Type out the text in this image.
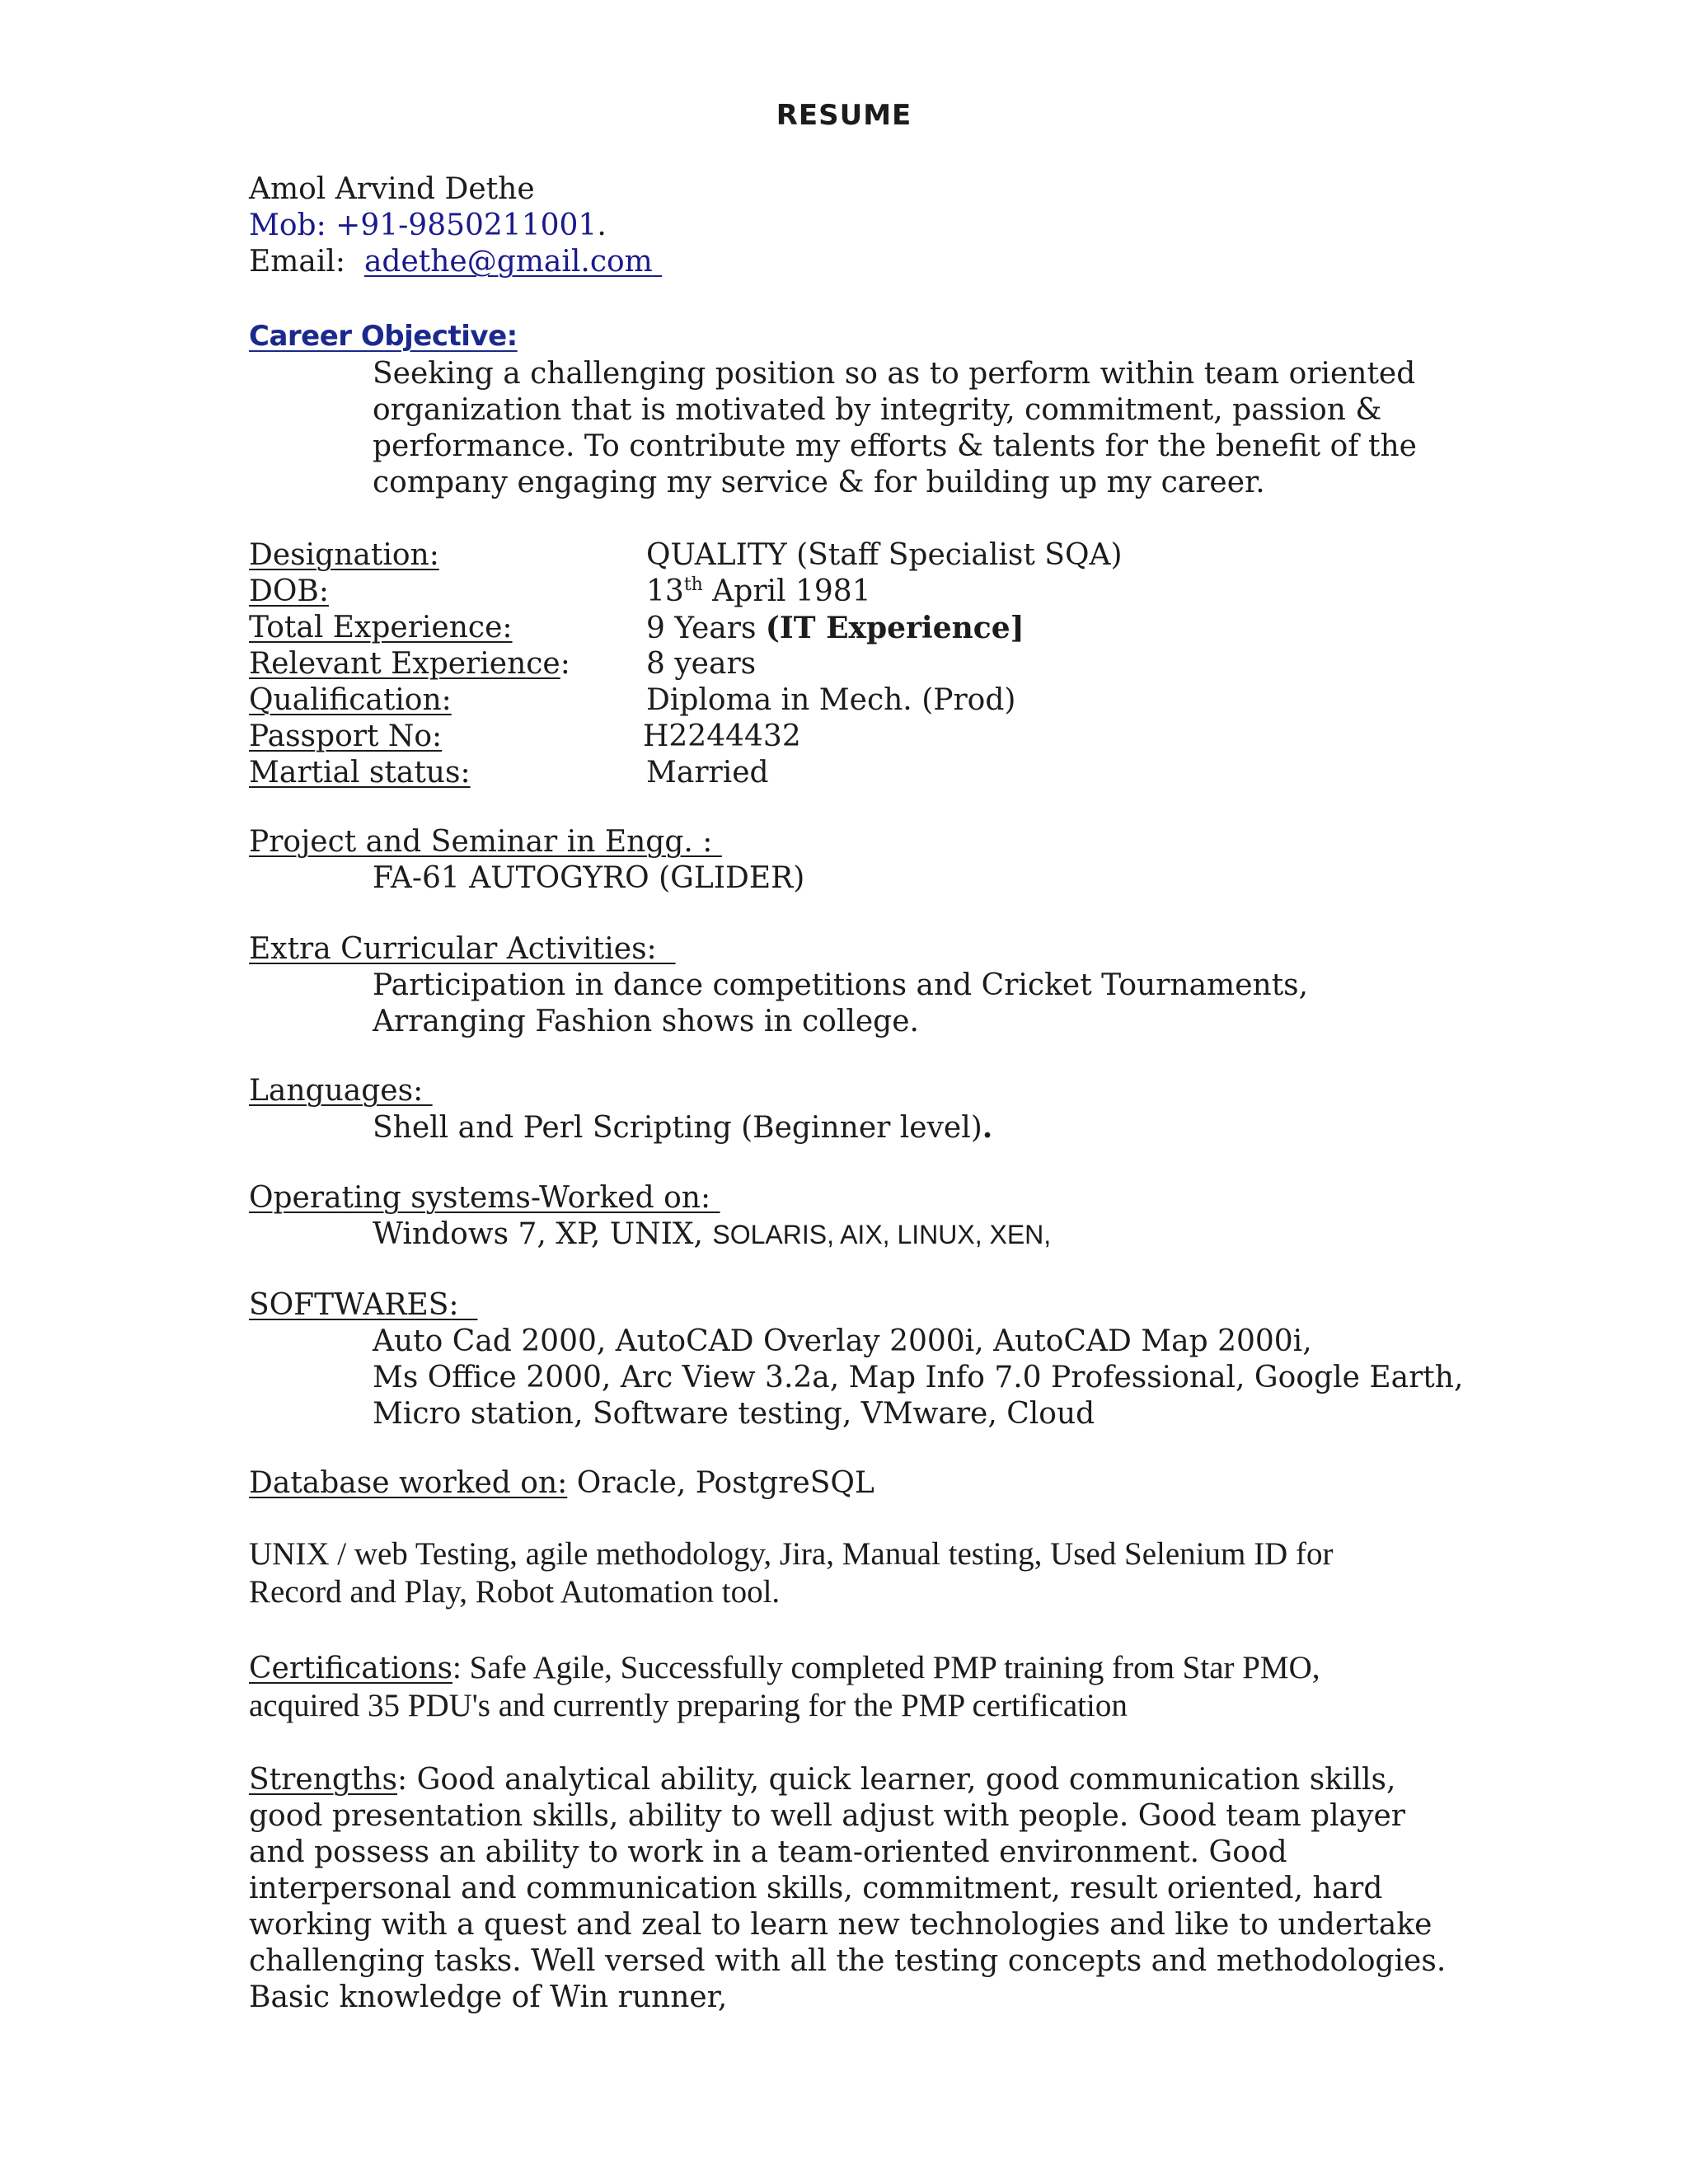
RESUME
Amol Arvind Dethe
Mob: +91-9850211001.
Email: adethe@gmail.com
Career Objective:
Seeking a challenging position so as to perform within team oriented
organization that is motivated by integrity, commitment, passion &
performance. To contribute my efforts & talents for the benefit of the
company engaging my service & for building up my career.
Designation:	QUALITY (Staff Specialist SQA)
DOB:	13th April 1981
Total Experience:	9 Years (IT Experience]
Relevant Experience:	8 years
Qualification:	Diploma in Mech. (Prod)
Passport No:	H2244432
Martial status:	Married
Project and Seminar in Engg. :
FA-61 AUTOGYRO (GLIDER)
Extra Curricular Activities:
Participation in dance competitions and Cricket Tournaments,
Arranging Fashion shows in college.
Languages:
Shell and Perl Scripting (Beginner level).
Operating systems-Worked on:
Windows 7, XP, UNIX, SOLARIS, AIX, LINUX, XEN,
SOFTWARES:
Auto Cad 2000, AutoCAD Overlay 2000i, AutoCAD Map 2000i,
Ms Office 2000, Arc View 3.2a, Map Info 7.0 Professional, Google Earth,
Micro station, Software testing, VMware, Cloud
Database worked on: Oracle, PostgreSQL
UNIX / web Testing, agile methodology, Jira, Manual testing, Used Selenium ID for
Record and Play, Robot Automation tool.
Certifications: Safe Agile, Successfully completed PMP training from Star PMO,
acquired 35 PDU's and currently preparing for the PMP certification
Strengths: Good analytical ability, quick learner, good communication skills,
good presentation skills, ability to well adjust with people. Good team player
and possess an ability to work in a team-oriented environment. Good
interpersonal and communication skills, commitment, result oriented, hard
working with a quest and zeal to learn new technologies and like to undertake
challenging tasks. Well versed with all the testing concepts and methodologies.
Basic knowledge of Win runner,
